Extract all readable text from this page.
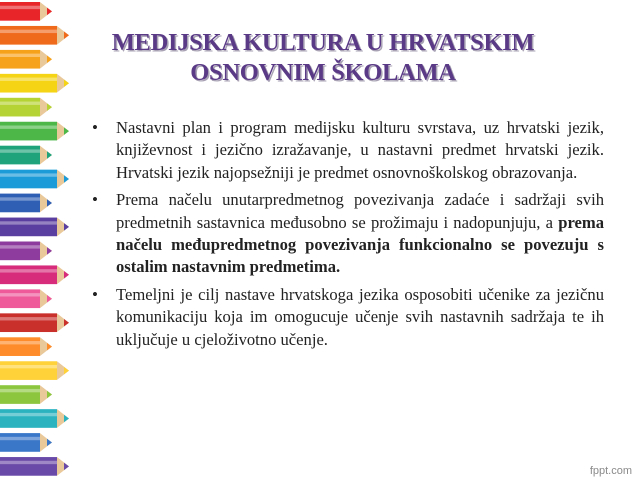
MEDIJSKA KULTURA U HRVATSKIM
OSNOVNIM ŠKOLAMA
• Nastavni plan i program medijsku kulturu svrstava, uz hrvatski jezik, književnost i jezično izražavanje, u nastavni predmet hrvatski jezik. Hrvatski jezik najopsežniji je predmet osnovnoškolskog obrazovanja.
• Prema načelu unutarpredmetnog povezivanja zadaće i sadržaji svih predmetnih sastavnica međusobno se prožimaju i nadopunjuju, a prema načelu međupredmetnog povezivanja funkcionalno se povezuju s ostalim nastavnim predmetima.
• Temeljni je cilj nastave hrvatskoga jezika osposobiti učenike za jezičnu komunikaciju koja im omogucuje učenje svih nastavnih sadržaja te ih uključuje u cjeloživotno učenje.
fppt.com
